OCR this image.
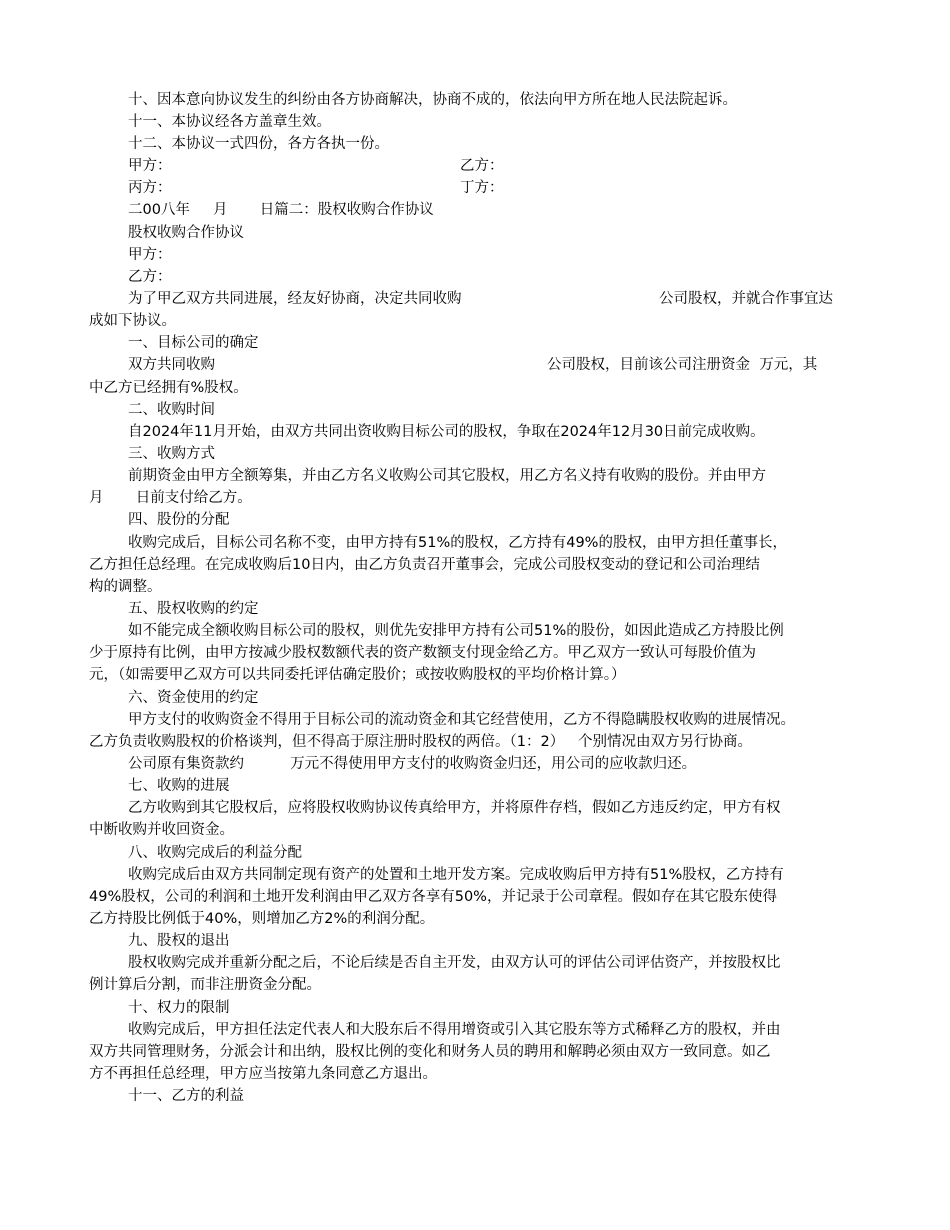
十、因本意向协议发生的纠纷由各方协商解决，协商不成的，依法向甲方所在地人民法院起诉。

十一、本协议经各方盖章生效。

十二、本协议一式四份，各方各执一份。

甲方：	乙方：

丙方：	丁方：

二00八年     月       日篇二：股权收购合作协议

股权收购合作协议

甲方：

乙方：

为了甲乙双方共同进展，经友好协商，决定共同收购	公司股权，并就合作事宜达

成如下协议。

一、目标公司的确定

双方共同收购	公司股权，目前该公司注册资金  万元，其

中乙方已经拥有%股权。

二、收购时间

自2024年11月开始，由双方共同出资收购目标公司的股权，争取在2024年12月30日前完成收购。

三、收购方式

前期资金由甲方全额筹集，并由乙方名义收购公司其它股权，用乙方名义持有收购的股份。并由甲方

月       日前支付给乙方。

四、股份的分配

收购完成后，目标公司名称不变，由甲方持有51%的股权，乙方持有49%的股权，由甲方担任董事长，

乙方担任总经理。在完成收购后10日内，由乙方负责召开董事会，完成公司股权变动的登记和公司治理结

构的调整。

五、股权收购的约定

如不能完成全额收购目标公司的股权，则优先安排甲方持有公司51%的股份，如因此造成乙方持股比例

少于原持有比例，由甲方按减少股权数额代表的资产数额支付现金给乙方。甲乙双方一致认可每股价值为

元，（如需要甲乙双方可以共同委托评估确定股价；或按收购股权的平均价格计算。）

六、资金使用的约定

甲方支付的收购资金不得用于目标公司的流动资金和其它经营使用，乙方不得隐瞒股权收购的进展情况。

乙方负责收购股权的价格谈判，但不得高于原注册时股权的两倍。（1：2）   个别情况由双方另行协商。

公司原有集资款约          万元不得使用甲方支付的收购资金归还，用公司的应收款归还。

七、收购的进展

乙方收购到其它股权后，应将股权收购协议传真给甲方，并将原件存档，假如乙方违反约定，甲方有权

中断收购并收回资金。

八、收购完成后的利益分配

收购完成后由双方共同制定现有资产的处置和土地开发方案。完成收购后甲方持有51%股权，乙方持有

49%股权，公司的利润和土地开发利润由甲乙双方各享有50%，并记录于公司章程。假如存在其它股东使得

乙方持股比例低于40%，则增加乙方2%的利润分配。

九、股权的退出

股权收购完成并重新分配之后，不论后续是否自主开发，由双方认可的评估公司评估资产，并按股权比

例计算后分割，而非注册资金分配。

十、权力的限制

收购完成后，甲方担任法定代表人和大股东后不得用增资或引入其它股东等方式稀释乙方的股权，并由

双方共同管理财务，分派会计和出纳，股权比例的变化和财务人员的聘用和解聘必须由双方一致同意。如乙

方不再担任总经理，甲方应当按第九条同意乙方退出。

十一、乙方的利益
